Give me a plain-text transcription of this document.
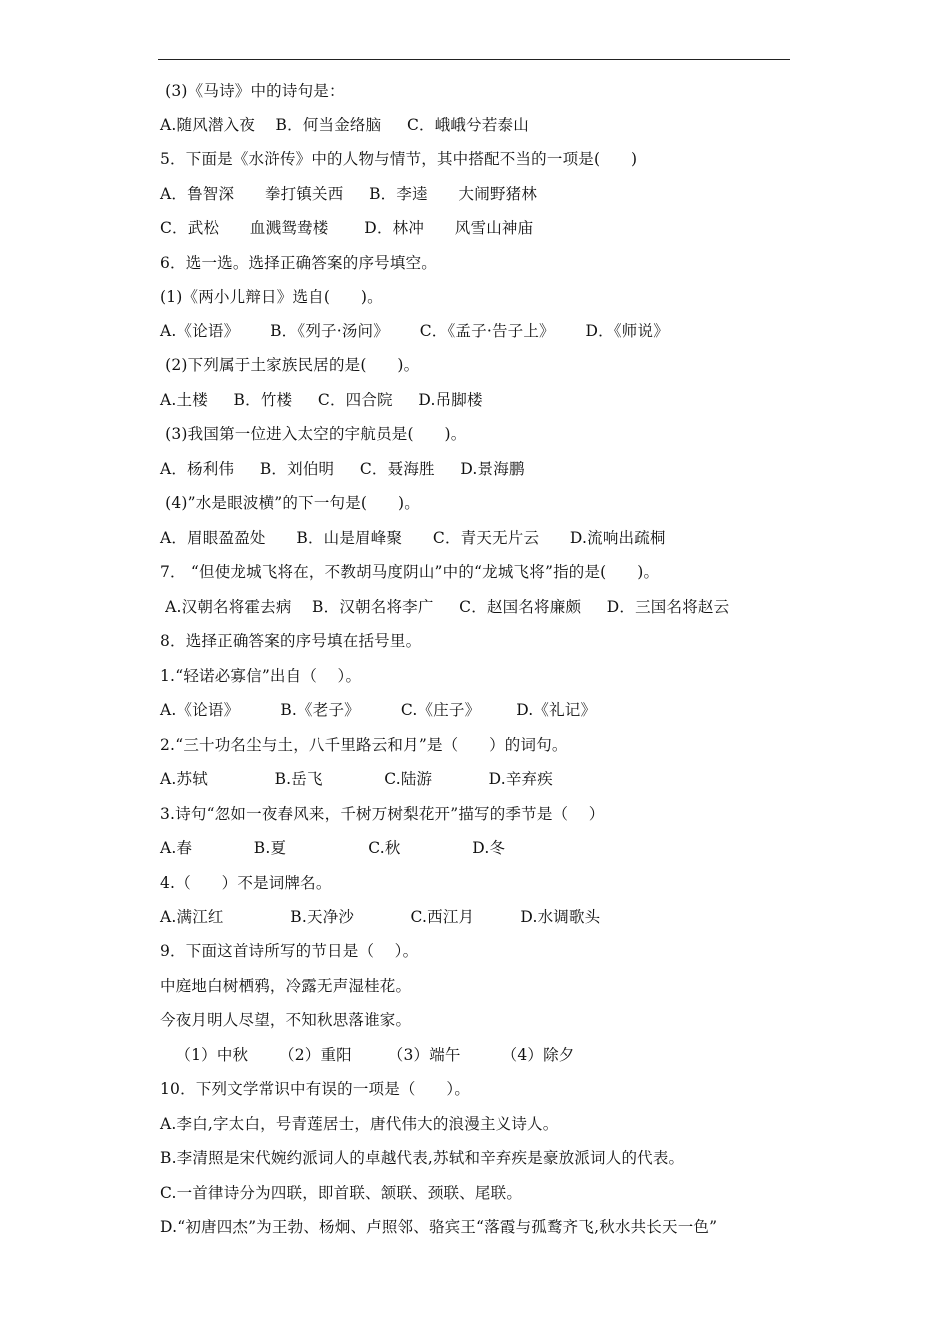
(3)《马诗》中的诗句是：
A.随风潜入夜    B．何当金络脑     C．峨峨兮若泰山
5．下面是《水浒传》中的人物与情节，其中搭配不当的一项是(      )
A．鲁智深      拳打镇关西     B．李逵      大闹野猪林
C．武松      血溅鸳鸯楼       D．林冲      风雪山神庙
6．选一选。选择正确答案的序号填空。
(1)《两小儿辩日》选自(      )。
A.《论语》      B．《列子·汤问》      C．《孟子·告子上》      D．《师说》
(2)下列属于土家族民居的是(      )。
A.土楼     B．竹楼     C．四合院     D.吊脚楼
(3)我国第一位进入太空的宇航员是(      )。
A．杨利伟     B．刘伯明     C．聂海胜     D.景海鹏
(4)”水是眼波横”的下一句是(      )。
A．眉眼盈盈处      B．山是眉峰聚      C．青天无片云      D.流响出疏桐
7． “但使龙城飞将在，不教胡马度阴山”中的“龙城飞将”指的是(      )。
A.汉朝名将霍去病    B．汉朝名将李广     C．赵国名将廉颇     D．三国名将赵云
8．选择正确答案的序号填在括号里。
1.“轻诺必寡信”出自（    ）。
A.《论语》        B.《老子》        C.《庄子》       D.《礼记》
2.“三十功名尘与土，八千里路云和月”是（      ）的词句。
A.苏轼             B.岳飞            C.陆游           D.辛弃疾
3.诗句“忽如一夜春风来，千树万树梨花开”描写的季节是（    ）
A.春            B.夏                C.秋              D.冬
4.（      ）不是词牌名。
A.满江红             B.天净沙           C.西江月         D.水调歌头
9．下面这首诗所写的节日是（    ）。
中庭地白树栖鸦，冷露无声湿桂花。
今夜月明人尽望，不知秋思落谁家。
（1）中秋      （2）重阳       （3）端午        （4）除夕
10．下列文学常识中有误的一项是（      ）。
A.李白,字太白，号青莲居士，唐代伟大的浪漫主义诗人。
B.李清照是宋代婉约派词人的卓越代表,苏轼和辛弃疾是豪放派词人的代表。
C.一首律诗分为四联，即首联、颔联、颈联、尾联。
D.“初唐四杰”为王勃、杨炯、卢照邻、骆宾王“落霞与孤鹜齐飞,秋水共长天一色”
